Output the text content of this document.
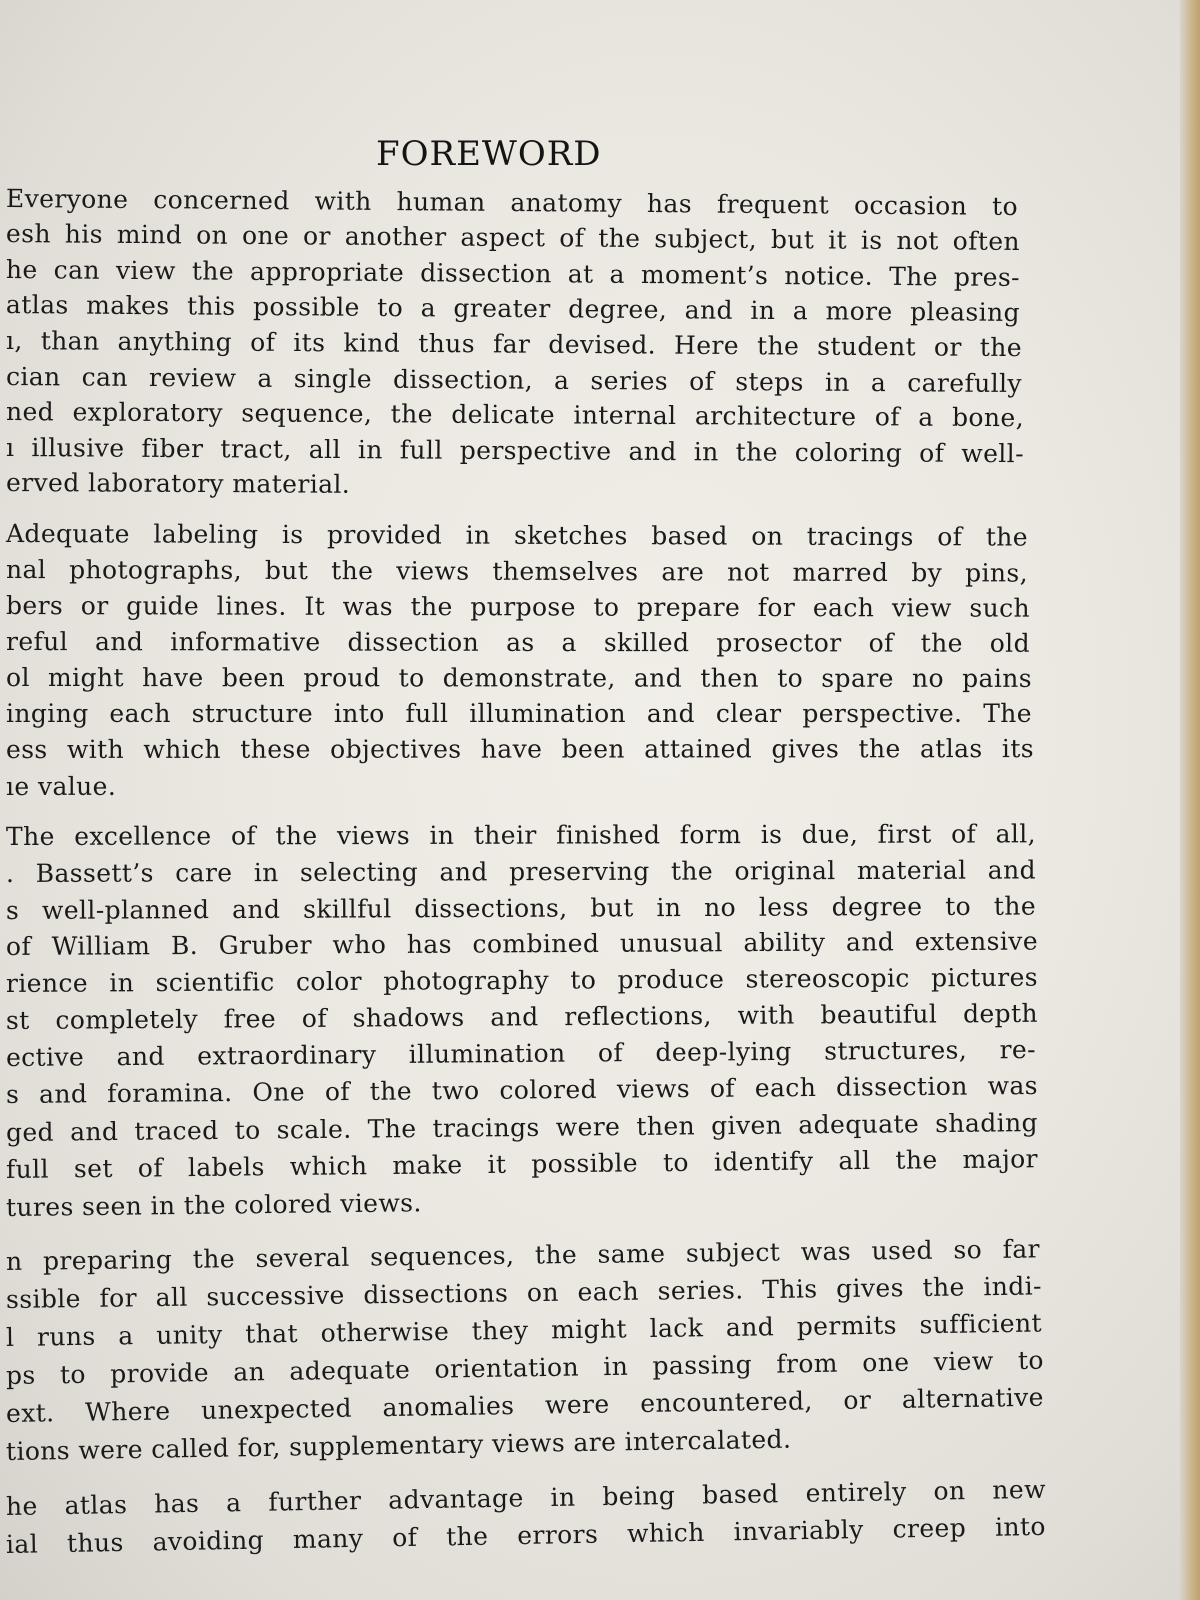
FOREWORD
Everyone concerned with human anatomy has frequent occasion to
esh his mind on one or another aspect of the subject, but it is not often
he can view the appropriate dissection at a moment’s notice. The pres-
atlas makes this possible to a greater degree, and in a more pleasing
ı, than anything of its kind thus far devised. Here the student or the
cian can review a single dissection, a series of steps in a carefully
ned exploratory sequence, the delicate internal architecture of a bone,
ı illusive fiber tract, all in full perspective and in the coloring of well-
erved laboratory material.
Adequate labeling is provided in sketches based on tracings of the
nal photographs, but the views themselves are not marred by pins,
bers or guide lines. It was the purpose to prepare for each view such
reful and informative dissection as a skilled prosector of the old
ol might have been proud to demonstrate, and then to spare no pains
inging each structure into full illumination and clear perspective. The
ess with which these objectives have been attained gives the atlas its
ıe value.
The excellence of the views in their finished form is due, first of all,
. Bassett’s care in selecting and preserving the original material and
s well-planned and skillful dissections, but in no less degree to the
of William B. Gruber who has combined unusual ability and extensive
rience in scientific color photography to produce stereoscopic pictures
st completely free of shadows and reflections, with beautiful depth
ective and extraordinary illumination of deep-lying structures, re-
s and foramina. One of the two colored views of each dissection was
ged and traced to scale. The tracings were then given adequate shading
full set of labels which make it possible to identify all the major
tures seen in the colored views.
n preparing the several sequences, the same subject was used so far
ssible for all successive dissections on each series. This gives the indi-
l runs a unity that otherwise they might lack and permits sufficient
ps to provide an adequate orientation in passing from one view to
ext. Where unexpected anomalies were encountered, or alternative
tions were called for, supplementary views are intercalated.
he atlas has a further advantage in being based entirely on new
ial thus avoiding many of the errors which invariably creep into
